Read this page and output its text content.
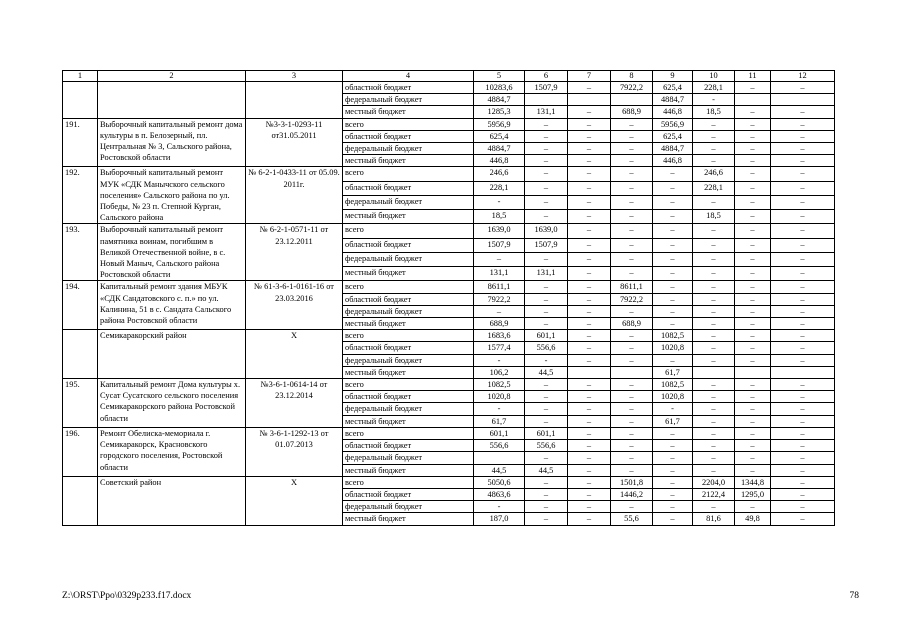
1	2	3	4	5	6	7	8	9	10	11	12
			областной бюджет	10283,6	1507,9	–	7922,2	625,4	228,1	–	–
			федеральный бюджет	4884,7				4884,7	-		
			местный бюджет	1285,3	131,1	–	688,9	446,8	18,5	–	–
191.	Выборочный капитальный ремонт дома культуры в п. Белозерный, пл. Центральная № 3, Сальского района, Ростовской области	№3-3-1-0293-11 от31.05.2011	всего	5956,9	–	–	–	5956,9	–	–	–
			областной бюджет	625,4	–	–	–	625,4	–	–	–
			федеральный бюджет	4884,7	–	–	–	4884,7	–	–	–
			местный бюджет	446,8	–	–	–	446,8	–	–	–
192.	Выборочный капитальный ремонт МУК «СДК Манычского сельского поселения» Сальского района по ул. Победы, № 23 п. Степной Курган, Сальского района	№ 6-2-1-0433-11 от 05.09. 2011г.	всего	246,6	–	–	–	–	246,6	–	–
			областной бюджет	228,1	–	–	–	–	228,1	–	–
			федеральный бюджет	-	–	–	–	–	–	–	–
			местный бюджет	18,5	–	–	–	–	18,5	–	–
193.	Выборочный капитальный ремонт памятника воинам, погибшим в Великой Отечественной войне, в с. Новый Маныч, Сальского района Ростовской области	№ 6-2-1-0571-11 от 23.12.2011	всего	1639,0	1639,0	–	–	–	–	–	–
			областной бюджет	1507,9	1507,9	–	–	–	–	–	–
			федеральный бюджет	–	–	–	–	–	–	–	–
			местный бюджет	131,1	131,1	–	–	–	–	–	–
194.	Капитальный ремонт здания МБУК «СДК Сандатовского с. п.» по ул. Калинина, 51 в с. Сандата Сальского района Ростовской области	№ 61-3-6-1-0161-16 от 23.03.2016	всего	8611,1	–	–	8611,1	–	–	–	–
			областной бюджет	7922,2	–	–	7922,2	–	–	–	–
			федеральный бюджет	–	–	–	–	–	–	–	–
			местный бюджет	688,9	–	–	688,9	–	–	–	–
	Семикаракорский район	Х	всего	1683,6	601,1	–	–	1082,5	–	–	–
			областной бюджет	1577,4	556,6	–	–	1020,8	–	–	–
			федеральный бюджет	-	-	–	–	–	–	–	–
			местный бюджет	106,2	44,5			61,7			
195.	Капитальный ремонт Дома культуры х. Сусат Сусатского сельского поселения Семикаракорского района Ростовской области	№3-6-1-0614-14 от 23.12.2014	всего	1082,5	–	–	–	1082,5	–	–	–
			областной бюджет	1020,8	–	–	–	1020,8	–	–	–
			федеральный бюджет	-	–	–	–	-	–	–	–
			местный бюджет	61,7	–	–	–	61,7	–	–	–
196.	Ремонт Обелиска-мемориала г. Семикаракорск, Красновского городского поселения, Ростовской области	№ 3-6-1-1292-13 от 01.07.2013	всего	601,1	601,1	–	–	–	–	–	–
			областной бюджет	556,6	556,6	–	–	–	–	–	–
			федеральный бюджет		–	–	–	–	–	–	–
			местный бюджет	44,5	44,5	–	–	–	–	–	–
	Советский район	Х	всего	5050,6	–	–	1501,8	–	2204,0	1344,8	–
			областной бюджет	4863,6	–	–	1446,2	–	2122,4	1295,0	–
			федеральный бюджет	-	–	–	–	–	–	–	–
			местный бюджет	187,0	–	–	55,6	–	81,6	49,8	–
Z:\ORST\Ppo\0329p233.f17.docx	78
